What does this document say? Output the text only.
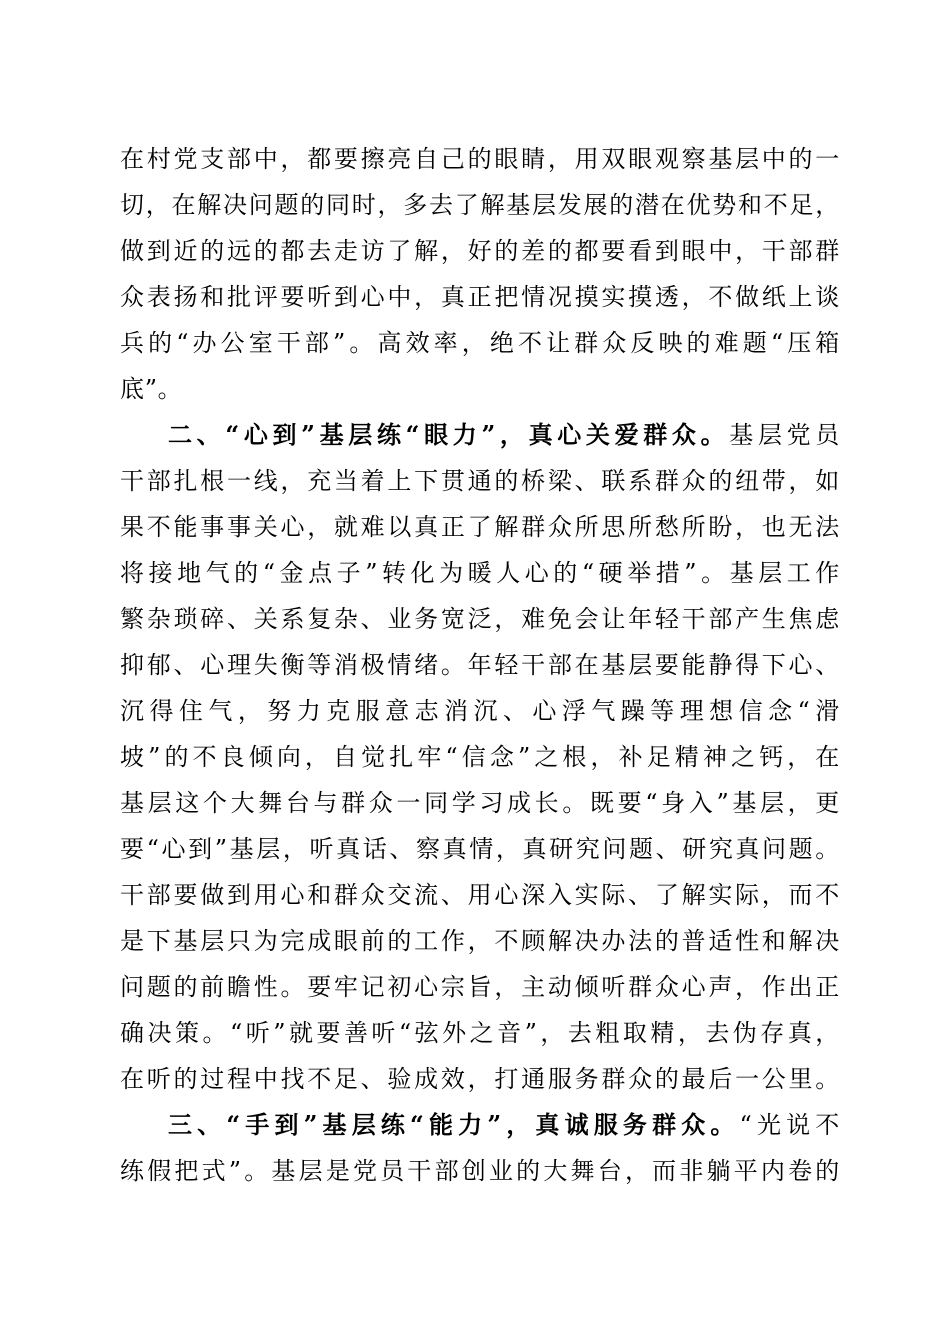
在村党支部中，都要擦亮自己的眼睛，用双眼观察基层中的一
切，在解决问题的同时，多去了解基层发展的潜在优势和不足，
做到近的远的都去走访了解，好的差的都要看到眼中，干部群
众表扬和批评要听到心中，真正把情况摸实摸透，不做纸上谈
兵的“办公室干部”。高效率，绝不让群众反映的难题“压箱
底”。
二、“心到”基层练“眼力”，真心关爱群众。基层党员
干部扎根一线，充当着上下贯通的桥梁、联系群众的纽带，如
果不能事事关心，就难以真正了解群众所思所愁所盼，也无法
将接地气的“金点子”转化为暖人心的“硬举措”。基层工作
繁杂琐碎、关系复杂、业务宽泛，难免会让年轻干部产生焦虑
抑郁、心理失衡等消极情绪。年轻干部在基层要能静得下心、
沉得住气，努力克服意志消沉、心浮气躁等理想信念“滑
坡”的不良倾向，自觉扎牢“信念”之根，补足精神之钙，在
基层这个大舞台与群众一同学习成长。既要“身入”基层，更
要“心到”基层，听真话、察真情，真研究问题、研究真问题。
干部要做到用心和群众交流、用心深入实际、了解实际，而不
是下基层只为完成眼前的工作，不顾解决办法的普适性和解决
问题的前瞻性。要牢记初心宗旨，主动倾听群众心声，作出正
确决策。“听”就要善听“弦外之音”，去粗取精，去伪存真，
在听的过程中找不足、验成效，打通服务群众的最后一公里。
三、“手到”基层练“能力”，真诚服务群众。“光说不
练假把式”。基层是党员干部创业的大舞台，而非躺平内卷的
